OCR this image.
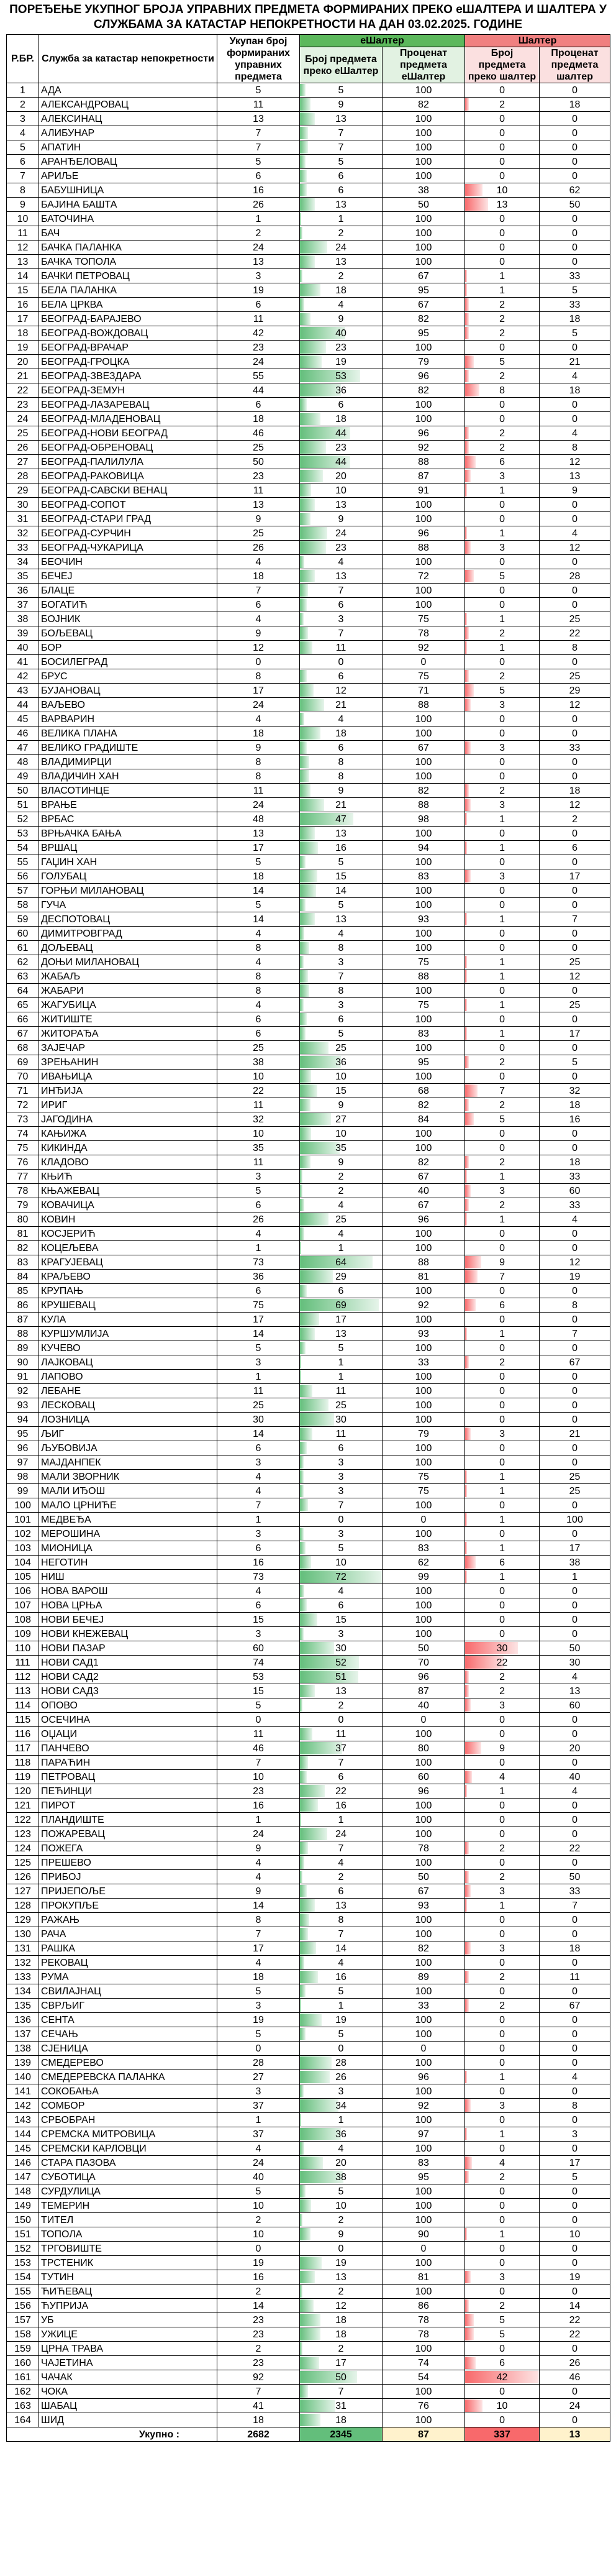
ПОРЕЂЕЊЕ УКУПНОГ БРОЈА УПРАВНИХ ПРЕДМЕТА ФОРМИРАНИХ ПРЕКО еШАЛТЕРА И ШАЛТЕРА У СЛУЖБАМА ЗА КАТАСТАР НЕПОКРЕТНОСТИ НА ДАН 03.02.2025. ГОДИНЕ
Р.БР.	Служба за катастар непокретности	Укупан број формираних управних предмета	еШалтер		Шалтер	
			Број предмета преко еШалтер	Проценат предмета еШалтер	Број предмета преко шалтер	Проценат предмета шалтер
1	АДА	5	5	100	0	0
2	АЛЕКСАНДРОВАЦ	11	9	82	2	18
3	АЛЕКСИНАЦ	13	13	100	0	0
4	АЛИБУНАР	7	7	100	0	0
5	АПАТИН	7	7	100	0	0
6	АРАНЂЕЛОВАЦ	5	5	100	0	0
7	АРИЉЕ	6	6	100	0	0
8	БАБУШНИЦА	16	6	38	10	62
9	БАЈИНА БАШТА	26	13	50	13	50
10	БАТОЧИНА	1	1	100	0	0
11	БАЧ	2	2	100	0	0
12	БАЧКА ПАЛАНКА	24	24	100	0	0
13	БАЧКА ТОПОЛА	13	13	100	0	0
14	БАЧКИ ПЕТРОВАЦ	3	2	67	1	33
15	БЕЛА ПАЛАНКА	19	18	95	1	5
16	БЕЛА ЦРКВА	6	4	67	2	33
17	БЕОГРАД-БАРАЈЕВО	11	9	82	2	18
18	БЕОГРАД-ВОЖДОВАЦ	42	40	95	2	5
19	БЕОГРАД-ВРАЧАР	23	23	100	0	0
20	БЕОГРАД-ГРОЦКА	24	19	79	5	21
21	БЕОГРАД-ЗВЕЗДАРА	55	53	96	2	4
22	БЕОГРАД-ЗЕМУН	44	36	82	8	18
23	БЕОГРАД-ЛАЗАРЕВАЦ	6	6	100	0	0
24	БЕОГРАД-МЛАДЕНОВАЦ	18	18	100	0	0
25	БЕОГРАД-НОВИ БЕОГРАД	46	44	96	2	4
26	БЕОГРАД-ОБРЕНОВАЦ	25	23	92	2	8
27	БЕОГРАД-ПАЛИЛУЛА	50	44	88	6	12
28	БЕОГРАД-РАКОВИЦА	23	20	87	3	13
29	БЕОГРАД-САВСКИ ВЕНАЦ	11	10	91	1	9
30	БЕОГРАД-СОПОТ	13	13	100	0	0
31	БЕОГРАД-СТАРИ ГРАД	9	9	100	0	0
32	БЕОГРАД-СУРЧИН	25	24	96	1	4
33	БЕОГРАД-ЧУКАРИЦА	26	23	88	3	12
34	БЕОЧИН	4	4	100	0	0
35	БЕЧЕЈ	18	13	72	5	28
36	БЛАЦЕ	7	7	100	0	0
37	БОГАТИЋ	6	6	100	0	0
38	БОЈНИК	4	3	75	1	25
39	БОЉЕВАЦ	9	7	78	2	22
40	БОР	12	11	92	1	8
41	БОСИЛЕГРАД	0	0	0	0	0
42	БРУС	8	6	75	2	25
43	БУЈАНОВАЦ	17	12	71	5	29
44	ВАЉЕВО	24	21	88	3	12
45	ВАРВАРИН	4	4	100	0	0
46	ВЕЛИКА ПЛАНА	18	18	100	0	0
47	ВЕЛИКО ГРАДИШТЕ	9	6	67	3	33
48	ВЛАДИМИРЦИ	8	8	100	0	0
49	ВЛАДИЧИН ХАН	8	8	100	0	0
50	ВЛАСОТИНЦЕ	11	9	82	2	18
51	ВРАЊЕ	24	21	88	3	12
52	ВРБАС	48	47	98	1	2
53	ВРЊАЧКА БАЊА	13	13	100	0	0
54	ВРШАЦ	17	16	94	1	6
55	ГАЏИН ХАН	5	5	100	0	0
56	ГОЛУБАЦ	18	15	83	3	17
57	ГОРЊИ МИЛАНОВАЦ	14	14	100	0	0
58	ГУЧА	5	5	100	0	0
59	ДЕСПОТОВАЦ	14	13	93	1	7
60	ДИМИТРОВГРАД	4	4	100	0	0
61	ДОЉЕВАЦ	8	8	100	0	0
62	ДОЊИ МИЛАНОВАЦ	4	3	75	1	25
63	ЖАБАЉ	8	7	88	1	12
64	ЖАБАРИ	8	8	100	0	0
65	ЖАГУБИЦА	4	3	75	1	25
66	ЖИТИШТЕ	6	6	100	0	0
67	ЖИТОРАЂА	6	5	83	1	17
68	ЗАЈЕЧАР	25	25	100	0	0
69	ЗРЕЊАНИН	38	36	95	2	5
70	ИВАЊИЦА	10	10	100	0	0
71	ИНЂИЈА	22	15	68	7	32
72	ИРИГ	11	9	82	2	18
73	ЈАГОДИНА	32	27	84	5	16
74	КАЊИЖА	10	10	100	0	0
75	КИКИНДА	35	35	100	0	0
76	КЛАДОВО	11	9	82	2	18
77	КЊИЋ	3	2	67	1	33
78	КЊАЖЕВАЦ	5	2	40	3	60
79	КОВАЧИЦА	6	4	67	2	33
80	КОВИН	26	25	96	1	4
81	КОСЈЕРИЋ	4	4	100	0	0
82	КОЦЕЉЕВА	1	1	100	0	0
83	КРАГУЈЕВАЦ	73	64	88	9	12
84	КРАЉЕВО	36	29	81	7	19
85	КРУПАЊ	6	6	100	0	0
86	КРУШЕВАЦ	75	69	92	6	8
87	КУЛА	17	17	100	0	0
88	КУРШУМЛИЈА	14	13	93	1	7
89	КУЧЕВО	5	5	100	0	0
90	ЛАЈКОВАЦ	3	1	33	2	67
91	ЛАПОВО	1	1	100	0	0
92	ЛЕБАНЕ	11	11	100	0	0
93	ЛЕСКОВАЦ	25	25	100	0	0
94	ЛОЗНИЦА	30	30	100	0	0
95	ЉИГ	14	11	79	3	21
96	ЉУБОВИЈА	6	6	100	0	0
97	МАЈДАНПЕК	3	3	100	0	0
98	МАЛИ ЗВОРНИК	4	3	75	1	25
99	МАЛИ ИЂОШ	4	3	75	1	25
100	МАЛО ЦРНИЋЕ	7	7	100	0	0
101	МЕДВЕЂА	1	0	0	1	100
102	МЕРОШИНА	3	3	100	0	0
103	МИОНИЦА	6	5	83	1	17
104	НЕГОТИН	16	10	62	6	38
105	НИШ	73	72	99	1	1
106	НОВА ВАРОШ	4	4	100	0	0
107	НОВА ЦРЊА	6	6	100	0	0
108	НОВИ БЕЧЕЈ	15	15	100	0	0
109	НОВИ КНЕЖЕВАЦ	3	3	100	0	0
110	НОВИ ПАЗАР	60	30	50	30	50
111	НОВИ САД1	74	52	70	22	30
112	НОВИ САД2	53	51	96	2	4
113	НОВИ САД3	15	13	87	2	13
114	ОПОВО	5	2	40	3	60
115	ОСЕЧИНА	0	0	0	0	0
116	ОЏАЦИ	11	11	100	0	0
117	ПАНЧЕВО	46	37	80	9	20
118	ПАРАЋИН	7	7	100	0	0
119	ПЕТРОВАЦ	10	6	60	4	40
120	ПЕЋИНЦИ	23	22	96	1	4
121	ПИРОТ	16	16	100	0	0
122	ПЛАНДИШТЕ	1	1	100	0	0
123	ПОЖАРЕВАЦ	24	24	100	0	0
124	ПОЖЕГА	9	7	78	2	22
125	ПРЕШЕВО	4	4	100	0	0
126	ПРИБОЈ	4	2	50	2	50
127	ПРИЈЕПОЉЕ	9	6	67	3	33
128	ПРОКУПЉЕ	14	13	93	1	7
129	РАЖАЊ	8	8	100	0	0
130	РАЧА	7	7	100	0	0
131	РАШКА	17	14	82	3	18
132	РЕКОВАЦ	4	4	100	0	0
133	РУМА	18	16	89	2	11
134	СВИЛАЈНАЦ	5	5	100	0	0
135	СВРЉИГ	3	1	33	2	67
136	СЕНТА	19	19	100	0	0
137	СЕЧАЊ	5	5	100	0	0
138	СЈЕНИЦА	0	0	0	0	0
139	СМЕДЕРЕВО	28	28	100	0	0
140	СМЕДЕРЕВСКА ПАЛАНКА	27	26	96	1	4
141	СОКОБАЊА	3	3	100	0	0
142	СОМБОР	37	34	92	3	8
143	СРБОБРАН	1	1	100	0	0
144	СРЕМСКА МИТРОВИЦА	37	36	97	1	3
145	СРЕМСКИ КАРЛОВЦИ	4	4	100	0	0
146	СТАРА ПАЗОВА	24	20	83	4	17
147	СУБОТИЦА	40	38	95	2	5
148	СУРДУЛИЦА	5	5	100	0	0
149	ТЕМЕРИН	10	10	100	0	0
150	ТИТЕЛ	2	2	100	0	0
151	ТОПОЛА	10	9	90	1	10
152	ТРГОВИШТЕ	0	0	0	0	0
153	ТРСТЕНИК	19	19	100	0	0
154	ТУТИН	16	13	81	3	19
155	ЋИЋЕВАЦ	2	2	100	0	0
156	ЋУПРИЈА	14	12	86	2	14
157	УБ	23	18	78	5	22
158	УЖИЦЕ	23	18	78	5	22
159	ЦРНА ТРАВА	2	2	100	0	0
160	ЧАЈЕТИНА	23	17	74	6	26
161	ЧАЧАК	92	50	54	42	46
162	ЧОКА	7	7	100	0	0
163	ШАБАЦ	41	31	76	10	24
164	ШИД	18	18	100	0	0
Укупно :		2682	2345	87	337	13
